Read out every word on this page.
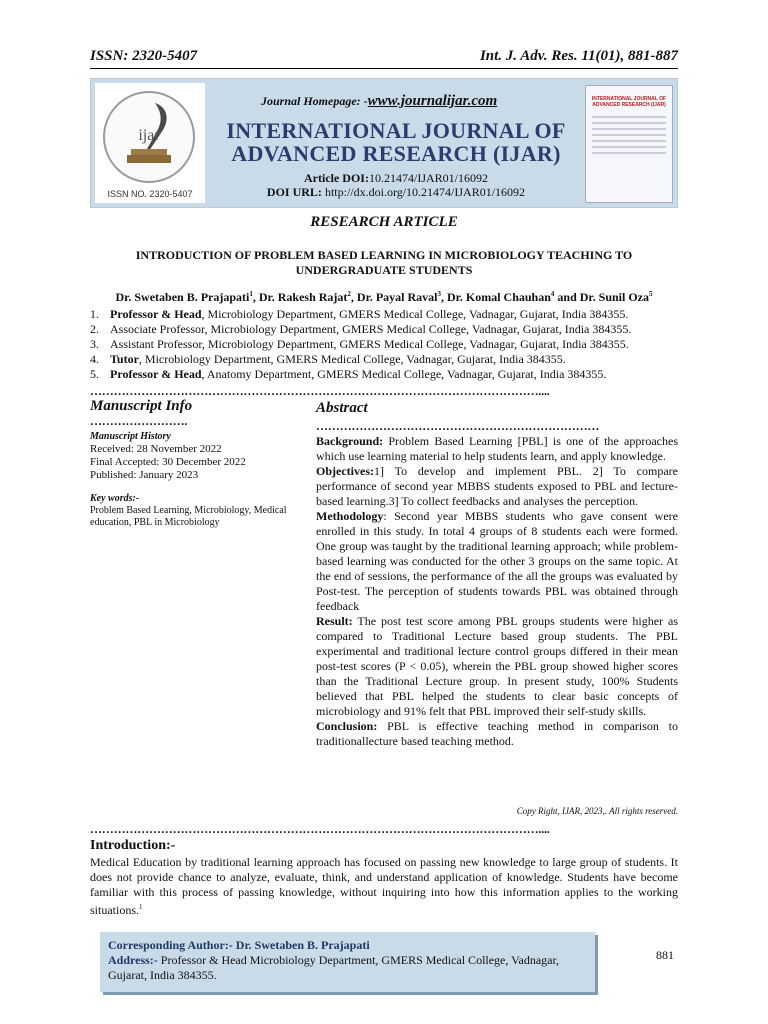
ISSN: 2320-5407	Int. J. Adv. Res. 11(01), 881-887
ijar
ISSN NO. 2320-5407
Journal Homepage: -www.journalijar.com
INTERNATIONAL JOURNAL OF
ADVANCED RESEARCH (IJAR)
Article DOI:10.21474/IJAR01/16092
DOI URL: http://dx.doi.org/10.21474/IJAR01/16092
INTERNATIONAL JOURNAL OF ADVANCED RESEARCH (IJAR)
RESEARCH ARTICLE
INTRODUCTION OF PROBLEM BASED LEARNING IN MICROBIOLOGY TEACHING TO UNDERGRADUATE STUDENTS
Dr. Swetaben B. Prajapati$^1$, Dr. Rakesh Rajat$^2$, Dr. Payal Raval$^3$, Dr. Komal Chauhan$^4$ and Dr. Sunil Oza$^5$
1. Professor & Head, Microbiology Department, GMERS Medical College, Vadnagar, Gujarat, India 384355.
2. Associate Professor, Microbiology Department, GMERS Medical College, Vadnagar, Gujarat, India 384355.
3. Assistant Professor, Microbiology Department, GMERS Medical College, Vadnagar, Gujarat, India 384355.
4. Tutor, Microbiology Department, GMERS Medical College, Vadnagar, Gujarat, India 384355.
5. Professor & Head, Anatomy Department, GMERS Medical College, Vadnagar, Gujarat, India 384355.
……………………………………………………………………………………………………....
Manuscript Info
…………………….
Manuscript History
Received: 28 November 2022
Final Accepted: 30 December 2022
Published: January 2023
Key words:-
Problem Based Learning, Microbiology, Medical education, PBL in Microbiology
Abstract
………………………………………………………………
Background: Problem Based Learning [PBL] is one of the approaches which use learning material to help students learn, and apply knowledge.
Objectives:1] To develop and implement PBL. 2] To compare performance of second year MBBS students exposed to PBL and lecture-based learning.3] To collect feedbacks and analyses the perception.
Methodology: Second year MBBS students who gave consent were enrolled in this study. In total 4 groups of 8 students each were formed. One group was taught by the traditional learning approach; while problem-based learning was conducted for the other 3 groups on the same topic. At the end of sessions, the performance of the all the groups was evaluated by Post-test. The perception of students towards PBL was obtained through feedback
Result: The post test score among PBL groups students were higher as compared to Traditional Lecture based group students. The PBL experimental and traditional lecture control groups differed in their mean post-test scores (P < 0.05), wherein the PBL group showed higher scores than the Traditional Lecture group. In present study, 100% Students believed that PBL helped the students to clear basic concepts of microbiology and 91% felt that PBL improved their self-study skills.
Conclusion: PBL is effective teaching method in comparison to traditionallecture based teaching method.
Copy Right, IJAR, 2023,. All rights reserved.
……………………………………………………………………………………………………....
Introduction:-
Medical Education by traditional learning approach has focused on passing new knowledge to large group of students. It does not provide chance to analyze, evaluate, think, and understand application of knowledge. Students have become familiar with this process of passing knowledge, without inquiring into how this information applies to the working situations.$^1$
Corresponding Author:- Dr. Swetaben B. Prajapati
Address:- Professor & Head Microbiology Department, GMERS Medical College, Vadnagar, Gujarat, India 384355.
881
